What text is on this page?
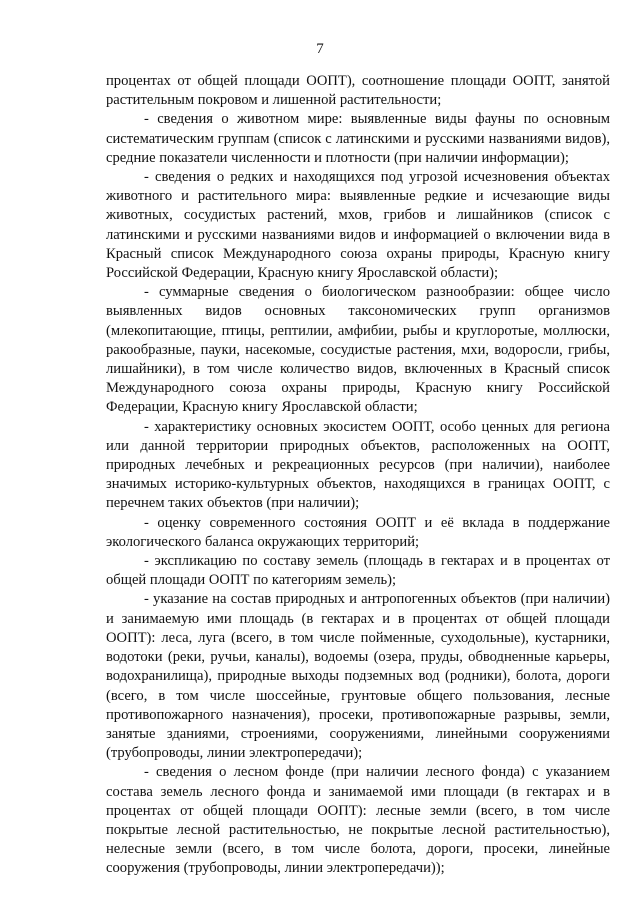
7

процентах от общей площади ООПТ), соотношение площади ООПТ, занятой растительным покровом и лишенной растительности;

- сведения о животном мире: выявленные виды фауны по основным систематическим группам (список с латинскими и русскими названиями видов), средние показатели численности и плотности (при наличии информации);

- сведения о редких и находящихся под угрозой исчезновения объектах животного и растительного мира: выявленные редкие и исчезающие виды животных, сосудистых растений, мхов, грибов и лишайников (список с латинскими и русскими названиями видов и информацией о включении вида в Красный список Международного союза охраны природы, Красную книгу Российской Федерации, Красную книгу Ярославской области);

- суммарные сведения о биологическом разнообразии: общее число выявленных видов основных таксономических групп организмов (млекопитающие, птицы, рептилии, амфибии, рыбы и круглоротые, моллюски, ракообразные, пауки, насекомые, сосудистые растения, мхи, водоросли, грибы, лишайники), в том числе количество видов, включенных в Красный список Международного союза охраны природы, Красную книгу Российской Федерации, Красную книгу Ярославской области;

- характеристику основных экосистем ООПТ, особо ценных для региона или данной территории природных объектов, расположенных на ООПТ, природных лечебных и рекреационных ресурсов (при наличии), наиболее значимых историко-культурных объектов, находящихся в границах ООПТ, с перечнем таких объектов (при наличии);

- оценку современного состояния ООПТ и её вклада в поддержание экологического баланса окружающих территорий;

- экспликацию по составу земель (площадь в гектарах и в процентах от общей площади ООПТ по категориям земель);

- указание на состав природных и антропогенных объектов (при наличии) и занимаемую ими площадь (в гектарах и в процентах от общей площади ООПТ): леса, луга (всего, в том числе пойменные, суходольные), кустарники, водотоки (реки, ручьи, каналы), водоемы (озера, пруды, обводненные карьеры, водохранилища), природные выходы подземных вод (родники), болота, дороги (всего, в том числе шоссейные, грунтовые общего пользования, лесные противопожарного назначения), просеки, противопожарные разрывы, земли, занятые зданиями, строениями, сооружениями, линейными сооружениями (трубопроводы, линии электропередачи);

- сведения о лесном фонде (при наличии лесного фонда) с указанием состава земель лесного фонда и занимаемой ими площади (в гектарах и в процентах от общей площади ООПТ): лесные земли (всего, в том числе покрытые лесной растительностью, не покрытые лесной растительностью), нелесные земли (всего, в том числе болота, дороги, просеки, линейные сооружения (трубопроводы, линии электропередачи));
